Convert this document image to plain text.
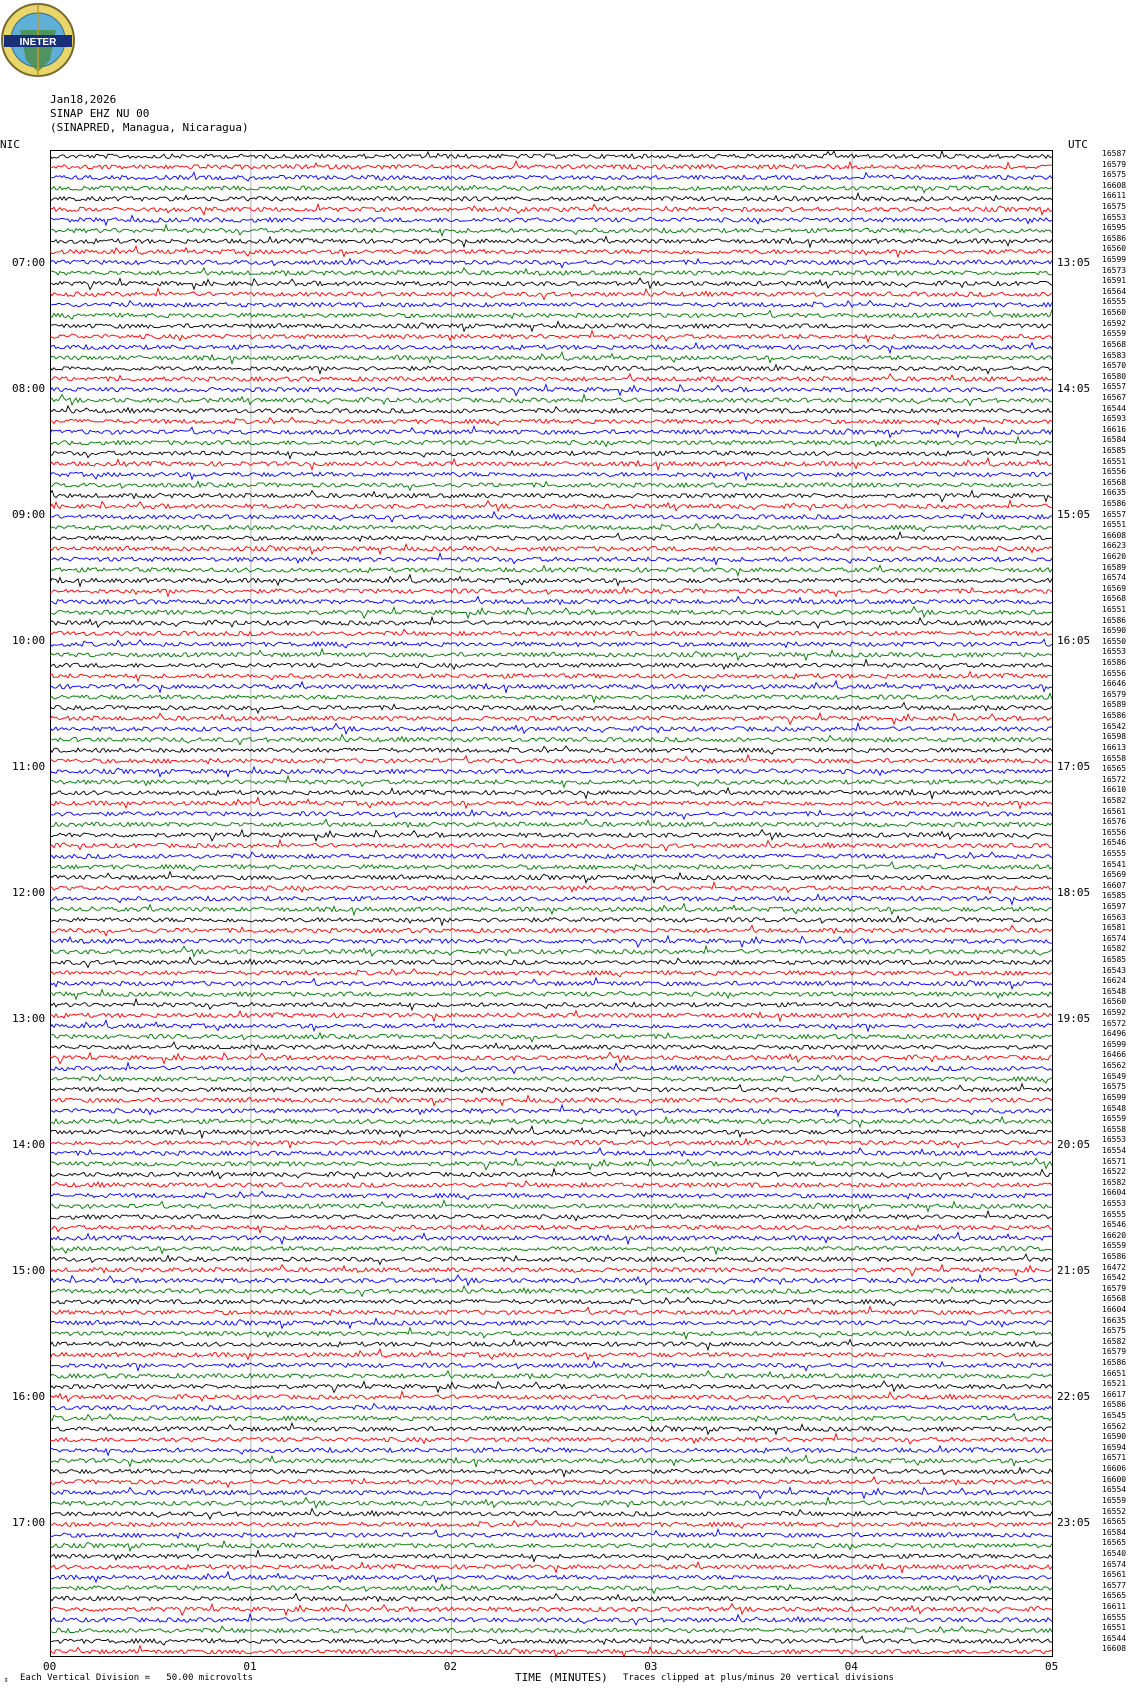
INETER
Jan18,2026
SINAP EHZ NU 00
(SINAPRED, Managua, Nicaragua)
NIC	UTC
07:00
08:00
09:00
10:00
11:00
12:00
13:00
14:00
15:00
16:00
17:00
13:05
14:05
15:05
16:05
17:05
18:05
19:05
20:05
21:05
22:05
23:05
16587
16579
16575
16608
16611
16575
16553
16595
16586
16560
16599
16573
16591
16564
16555
16560
16592
16559
16568
16583
16570
16580
16557
16567
16544
16593
16616
16584
16585
16551
16556
16568
16635
16586
16557
16551
16608
16623
16620
16589
16574
16569
16568
16551
16586
16590
16550
16553
16586
16556
16646
16579
16589
16586
16542
16598
16613
16558
16565
16572
16610
16582
16561
16576
16556
16546
16555
16541
16569
16607
16585
16597
16563
16581
16574
16582
16585
16543
16624
16548
16560
16592
16572
16496
16599
16466
16562
16549
16575
16599
16548
16559
16558
16553
16554
16571
16522
16582
16604
16553
16555
16546
16620
16559
16586
16472
16542
16579
16568
16604
16635
16575
16582
16579
16586
16651
16521
16617
16586
16545
16562
16590
16594
16571
16606
16600
16554
16559
16552
16565
16584
16565
16540
16574
16561
16577
16565
16611
16555
16551
16544
16608
00	01	02	03	04	05
⇕ Each Vertical Division =   50.00 microvolts	TIME (MINUTES) Traces clipped at plus/minus 20 vertical divisions
